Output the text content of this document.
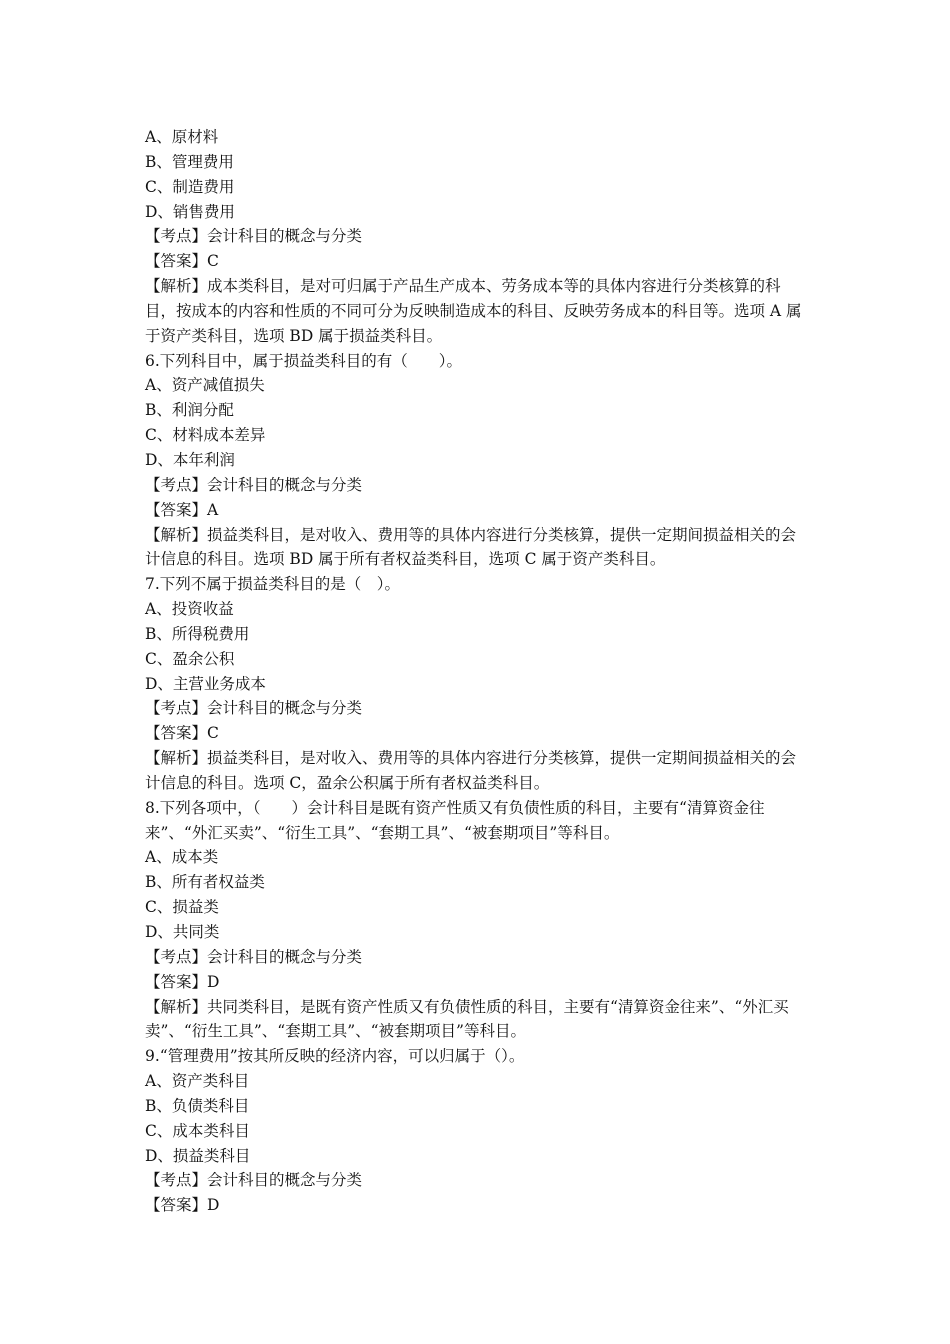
A、原材料
B、管理费用
C、制造费用
D、销售费用
【考点】会计科目的概念与分类
【答案】C
【解析】成本类科目，是对可归属于产品生产成本、劳务成本等的具体内容进行分类核算的科目，按成本的内容和性质的不同可分为反映制造成本的科目、反映劳务成本的科目等。选项 A 属于资产类科目，选项 BD 属于损益类科目。
6.下列科目中，属于损益类科目的有（　　）。
A、资产减值损失
B、利润分配
C、材料成本差异
D、本年利润
【考点】会计科目的概念与分类
【答案】A
【解析】损益类科目，是对收入、费用等的具体内容进行分类核算，提供一定期间损益相关的会计信息的科目。选项 BD 属于所有者权益类科目，选项 C 属于资产类科目。
7.下列不属于损益类科目的是（　）。
A、投资收益
B、所得税费用
C、盈余公积
D、主营业务成本
【考点】会计科目的概念与分类
【答案】C
【解析】损益类科目，是对收入、费用等的具体内容进行分类核算，提供一定期间损益相关的会计信息的科目。选项 C，盈余公积属于所有者权益类科目。
8.下列各项中，（　　）会计科目是既有资产性质又有负债性质的科目，主要有“清算资金往来”、“外汇买卖”、“衍生工具”、“套期工具”、“被套期项目”等科目。
A、成本类
B、所有者权益类
C、损益类
D、共同类
【考点】会计科目的概念与分类
【答案】D
【解析】共同类科目，是既有资产性质又有负债性质的科目，主要有“清算资金往来”、“外汇买卖”、“衍生工具”、“套期工具”、“被套期项目”等科目。
9.“管理费用”按其所反映的经济内容，可以归属于（）。
A、资产类科目
B、负债类科目
C、成本类科目
D、损益类科目
【考点】会计科目的概念与分类
【答案】D
